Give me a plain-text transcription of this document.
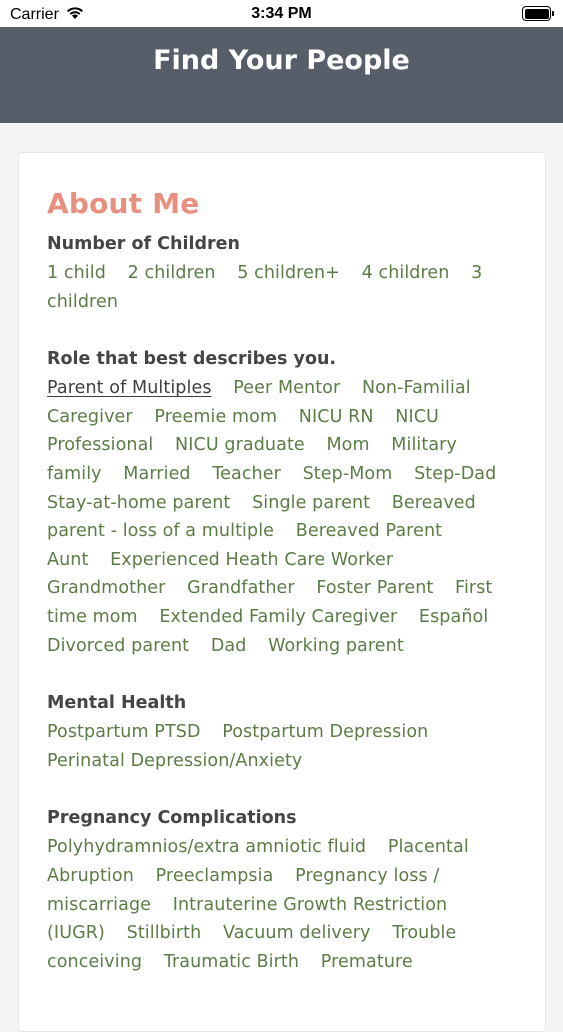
Carrier	3:34 PM
Find Your People
About Me
Number of Children
1 child 2 children 5 children+ 4 children 3 children
Role that best describes you.
Parent of Multiples Peer Mentor Non-Familial Caregiver Preemie mom NICU RN NICU Professional NICU graduate Mom Military family Married Teacher Step-Mom Step-Dad Stay-at-home parent Single parent Bereaved parent - loss of a multiple Bereaved Parent Aunt Experienced Heath Care Worker Grandmother Grandfather Foster Parent First time mom Extended Family Caregiver Español Divorced parent Dad Working parent
Mental Health
Postpartum PTSD Postpartum Depression Perinatal Depression/Anxiety
Pregnancy Complications
Polyhydramnios/extra amniotic fluid Placental Abruption Preeclampsia Pregnancy loss / miscarriage Intrauterine Growth Restriction (IUGR) Stillbirth Vacuum delivery Trouble conceiving Traumatic Birth Premature
